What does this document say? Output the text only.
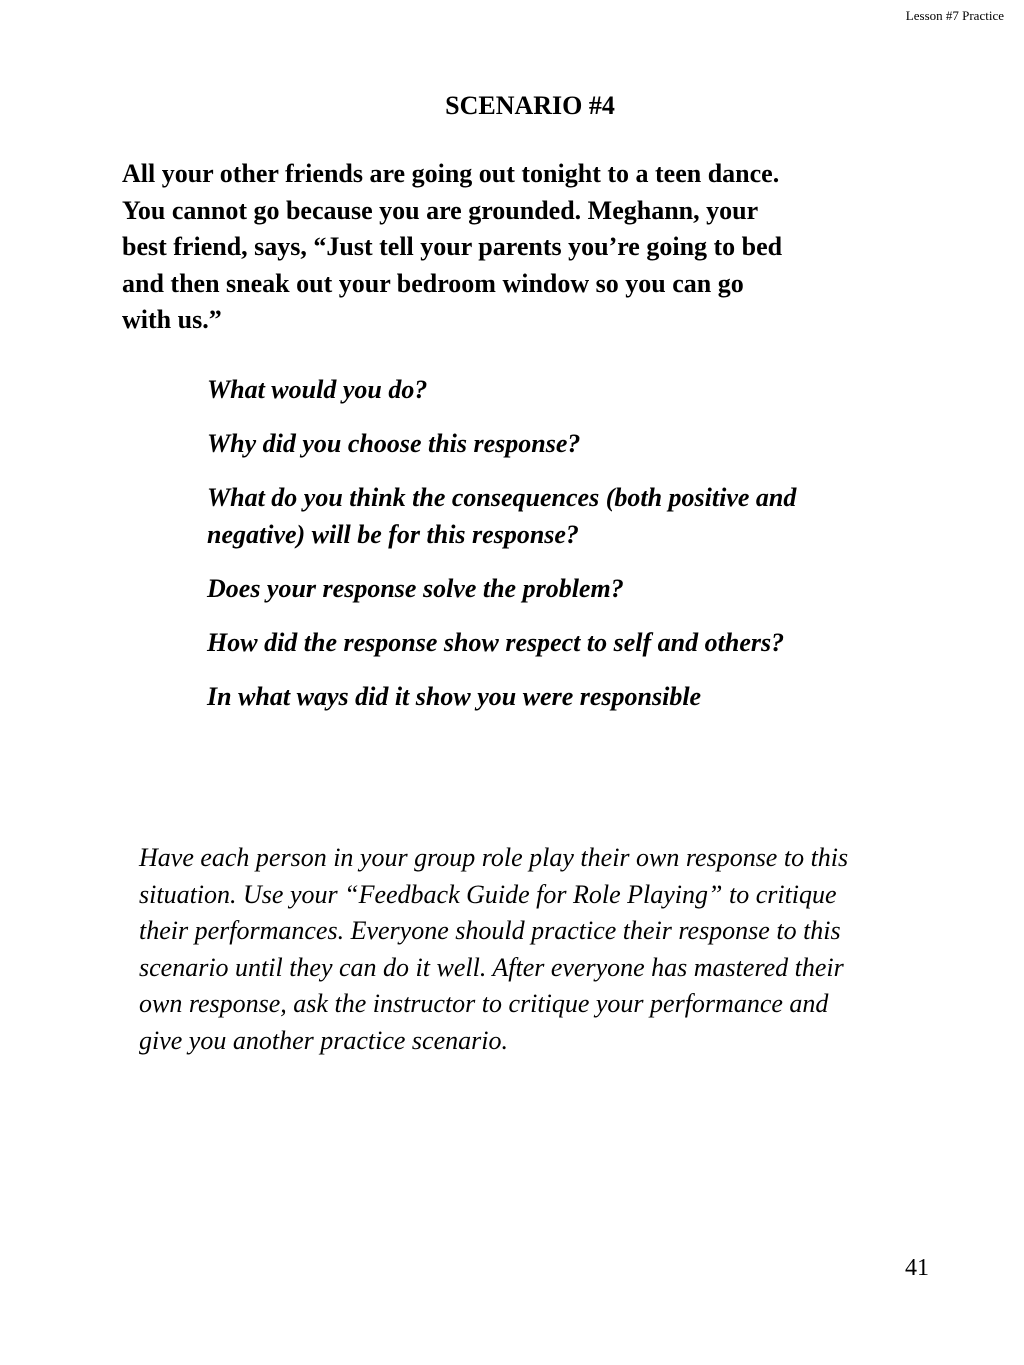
Lesson #7 Practice
SCENARIO #4

All your other friends are going out tonight to a teen dance.
You cannot go because you are grounded. Meghann, your
best friend, says, “Just tell your parents you’re going to bed
and then sneak out your bedroom window so you can go
with us.”

What would you do?
Why did you choose this response?
What do you think the consequences (both positive and
negative) will be for this response?
Does your response solve the problem?
How did the response show respect to self and others?
In what ways did it show you were responsible

Have each person in your group role play their own response to this
situation. Use your “Feedback Guide for Role Playing” to critique
their performances. Everyone should practice their response to this
scenario until they can do it well. After everyone has mastered their
own response, ask the instructor to critique your performance and
give you another practice scenario.

41
